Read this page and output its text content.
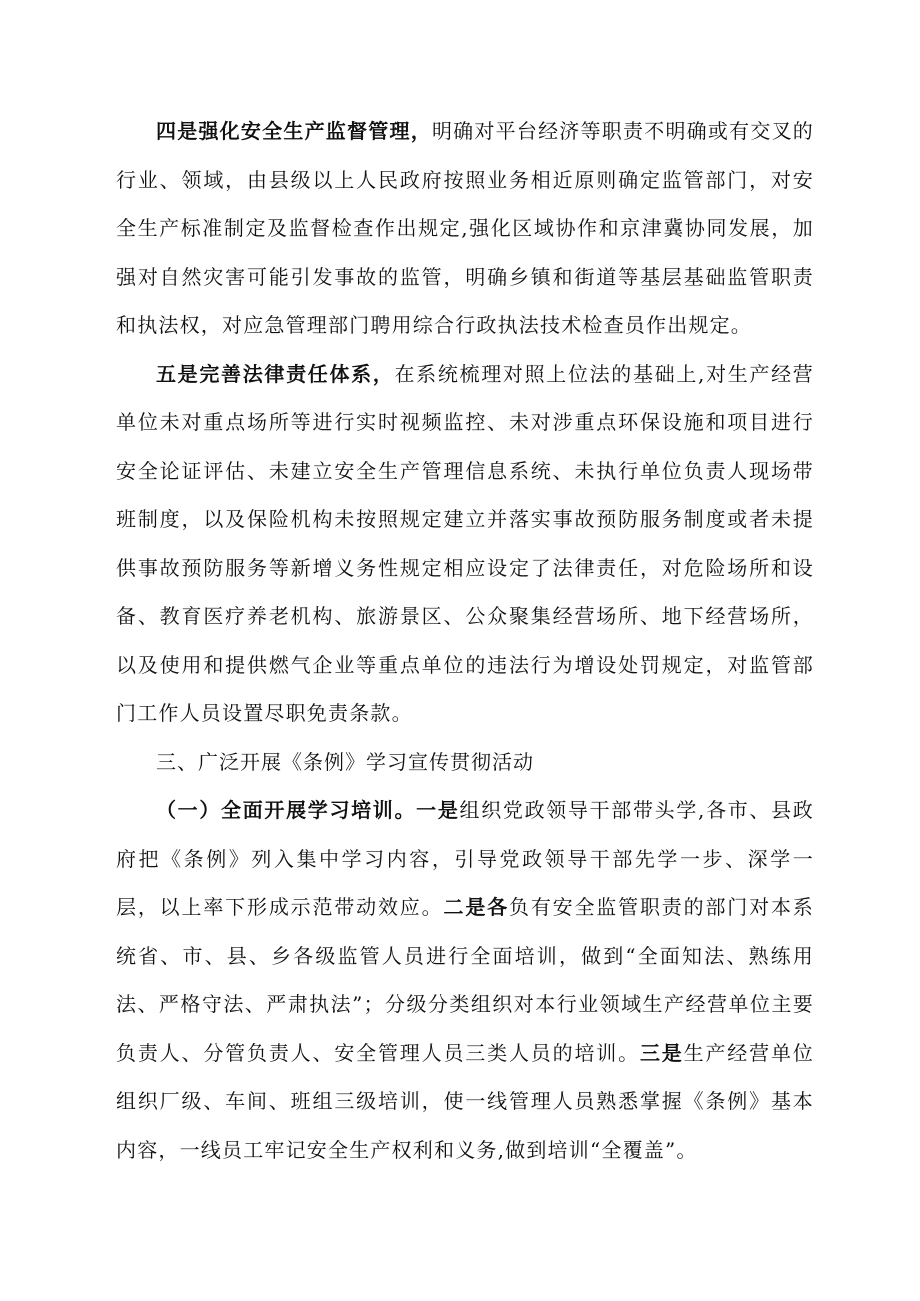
四是强化安全生产监督管理，明确对平台经济等职责不明确或有交叉的行业、领域，由县级以上人民政府按照业务相近原则确定监管部门，对安全生产标准制定及监督检查作出规定,强化区域协作和京津冀协同发展，加强对自然灾害可能引发事故的监管，明确乡镇和街道等基层基础监管职责和执法权，对应急管理部门聘用综合行政执法技术检查员作出规定。

五是完善法律责任体系，在系统梳理对照上位法的基础上,对生产经营单位未对重点场所等进行实时视频监控、未对涉重点环保设施和项目进行安全论证评估、未建立安全生产管理信息系统、未执行单位负责人现场带班制度，以及保险机构未按照规定建立并落实事故预防服务制度或者未提供事故预防服务等新增义务性规定相应设定了法律责任，对危险场所和设备、教育医疗养老机构、旅游景区、公众聚集经营场所、地下经营场所，以及使用和提供燃气企业等重点单位的违法行为增设处罚规定，对监管部门工作人员设置尽职免责条款。

三、广泛开展《条例》学习宣传贯彻活动

（一）全面开展学习培训。一是组织党政领导干部带头学,各市、县政府把《条例》列入集中学习内容，引导党政领导干部先学一步、深学一层，以上率下形成示范带动效应。二是各负有安全监管职责的部门对本系统省、市、县、乡各级监管人员进行全面培训，做到“全面知法、熟练用法、严格守法、严肃执法”；分级分类组织对本行业领域生产经营单位主要负责人、分管负责人、安全管理人员三类人员的培训。三是生产经营单位组织厂级、车间、班组三级培训，使一线管理人员熟悉掌握《条例》基本内容，一线员工牢记安全生产权利和义务,做到培训“全覆盖”。
